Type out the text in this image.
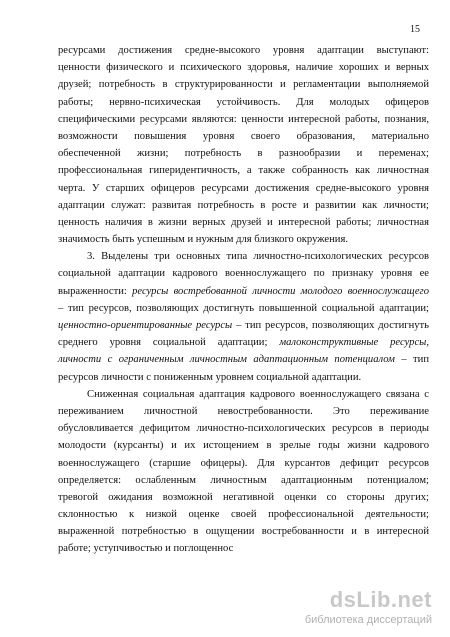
15
ресурсами достижения средне-высокого уровня адаптации выступают:
ценности физического и психического здоровья, наличие хороших и верных
друзей; потребность в структурированности и регламентации выполняемой
работы; нервно-психическая устойчивость. Для молодых офицеров
специфическими ресурсами являются: ценности интересной работы, познания,
возможности повышения уровня своего образования, материально
обеспеченной жизни; потребность в разнообразии и переменах;
профессиональная гиперидентичность, а также собранность как личностная
черта. У старших офицеров ресурсами достижения средне-высокого уровня
адаптации служат: развитая потребность в росте и развитии как личности;
ценность наличия в жизни верных друзей и интересной работы; личностная
значимость быть успешным и нужным для близкого окружения.
3. Выделены три основных типа личностно-психологических ресурсов
социальной адаптации кадрового военнослужащего по признаку уровня ее
выраженности: ресурсы востребованной личности молодого военнослужащего
– тип ресурсов, позволяющих достигнуть повышенной социальной адаптации;
ценностно-ориентированные ресурсы – тип ресурсов, позволяющих достигнуть
среднего уровня социальной адаптации; малоконструктивные ресурсы,
личности с ограниченным личностным адаптационным потенциалом – тип
ресурсов личности с пониженным уровнем социальной адаптации.
Сниженная социальная адаптация кадрового военнослужащего связана с
переживанием личностной невостребованности. Это переживание
обусловливается дефицитом личностно-психологических ресурсов в периоды
молодости (курсанты) и их истощением в зрелые годы жизни кадрового
военнослужащего (старшие офицеры). Для курсантов дефицит ресурсов
определяется: ослабленным личностным адаптационным потенциалом;
тревогой ожидания возможной негативной оценки со стороны других;
склонностью к низкой оценке своей профессиональной деятельности;
выраженной потребностью в ощущении востребованности и в интересной
работе; уступчивостью и поглощеннос
dsLib.net
библиотека диссертаций
